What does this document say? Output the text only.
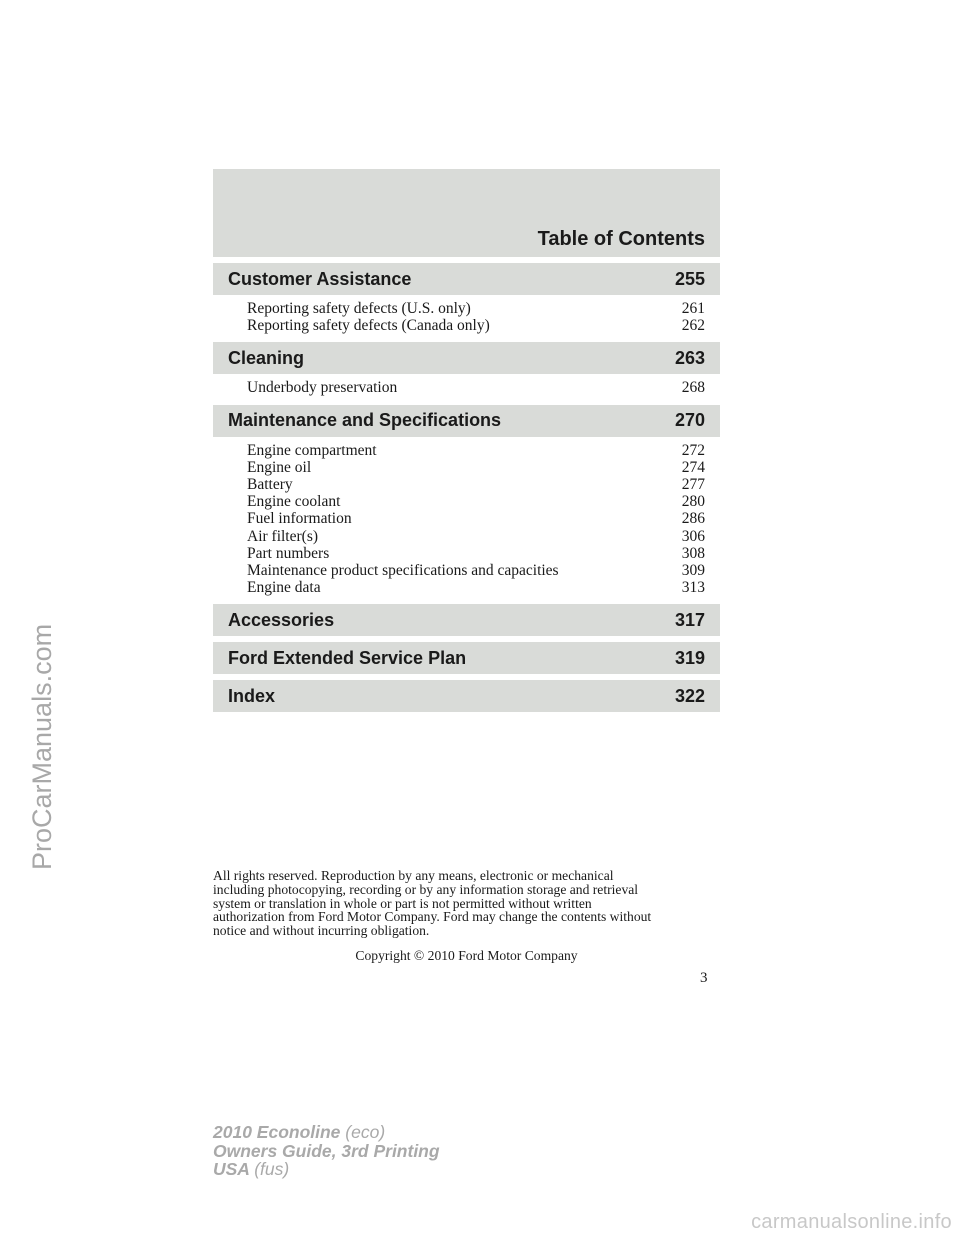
Table of Contents
Customer Assistance	255
Reporting safety defects (U.S. only)	261
Reporting safety defects (Canada only)	262
Cleaning	263
Underbody preservation	268
Maintenance and Specifications	270
Engine compartment	272
Engine oil	274
Battery	277
Engine coolant	280
Fuel information	286
Air filter(s)	306
Part numbers	308
Maintenance product specifications and capacities	309
Engine data	313
Accessories	317
Ford Extended Service Plan	319
Index	322
All rights reserved. Reproduction by any means, electronic or mechanical
including photocopying, recording or by any information storage and retrieval
system or translation in whole or part is not permitted without written
authorization from Ford Motor Company. Ford may change the contents without
notice and without incurring obligation.
Copyright © 2010 Ford Motor Company
3
2010 Econoline (eco)
Owners Guide, 3rd Printing
USA (fus)
ProCarManuals.com
carmanualsonline.info
